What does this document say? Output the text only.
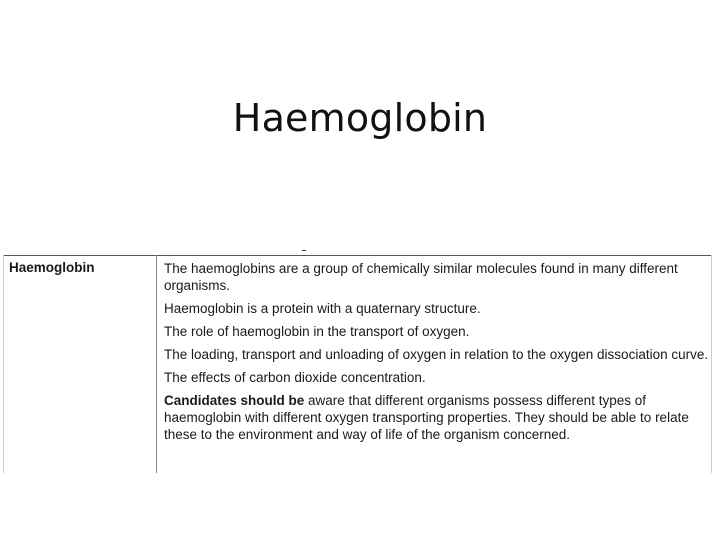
Haemoglobin
Haemoglobin	The haemoglobins are a group of chemically similar molecules found in many different organisms.

Haemoglobin is a protein with a quaternary structure.

The role of haemoglobin in the transport of oxygen.

The loading, transport and unloading of oxygen in relation to the oxygen dissociation curve.

The effects of carbon dioxide concentration.

Candidates should be aware that different organisms possess different types of haemoglobin with different oxygen transporting properties. They should be able to relate these to the environment and way of life of the organism concerned.
